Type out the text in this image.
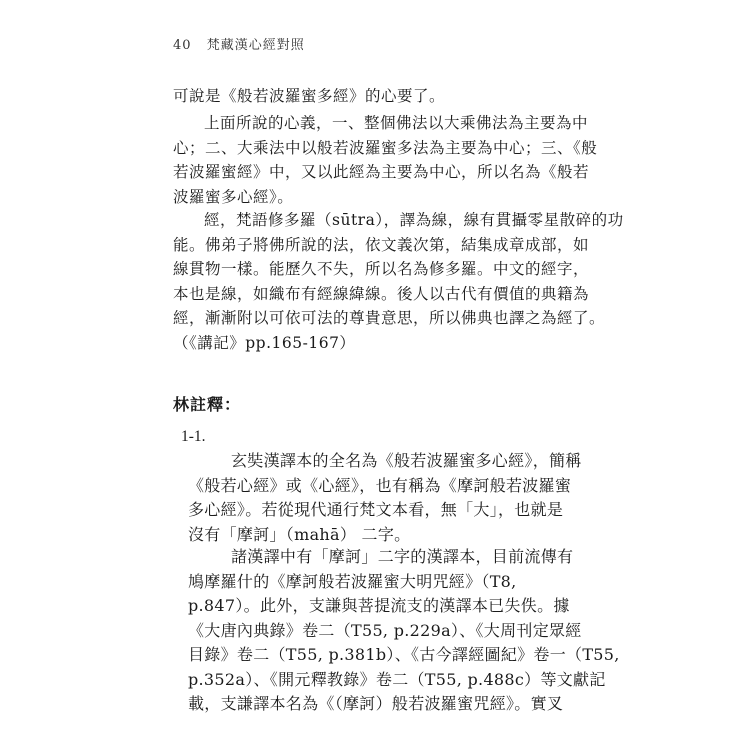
40 梵藏漢心經對照
可說是《般若波羅蜜多經》的心要了。
上面所說的心義，一、整個佛法以大乘佛法為主要為中
心；二、大乘法中以般若波羅蜜多法為主要為中心；三、《般
若波羅蜜經》中，又以此經為主要為中心，所以名為《般若
波羅蜜多心經》。
經，梵語修多羅（sūtra），譯為線，線有貫攝零星散碎的功
能。佛弟子將佛所說的法，依文義次第，結集成章成部，如
線貫物一樣。能歷久不失，所以名為修多羅。中文的經字，
本也是線，如織布有經線緯線。後人以古代有價值的典籍為
經，漸漸附以可依可法的尊貴意思，所以佛典也譯之為經了。
（《講記》pp.165-167）
林註釋：
1-1.
玄奘漢譯本的全名為《般若波羅蜜多心經》，簡稱
《般若心經》或《心經》，也有稱為《摩訶般若波羅蜜
多心經》。若從現代通行梵文本看，無「大」，也就是
沒有「摩訶」（mahā） 二字。
諸漢譯中有「摩訶」二字的漢譯本，目前流傳有
鳩摩羅什的《摩訶般若波羅蜜大明咒經》（T8,
p.847）。此外，支謙與菩提流支的漢譯本已失佚。據
《大唐內典錄》卷二（T55, p.229a）、《大周刊定眾經
目錄》卷二（T55, p.381b）、《古今譯經圖紀》卷一（T55,
p.352a）、《開元釋教錄》卷二（T55, p.488c）等文獻記
載，支謙譯本名為《（摩訶）般若波羅蜜咒經》。實叉
